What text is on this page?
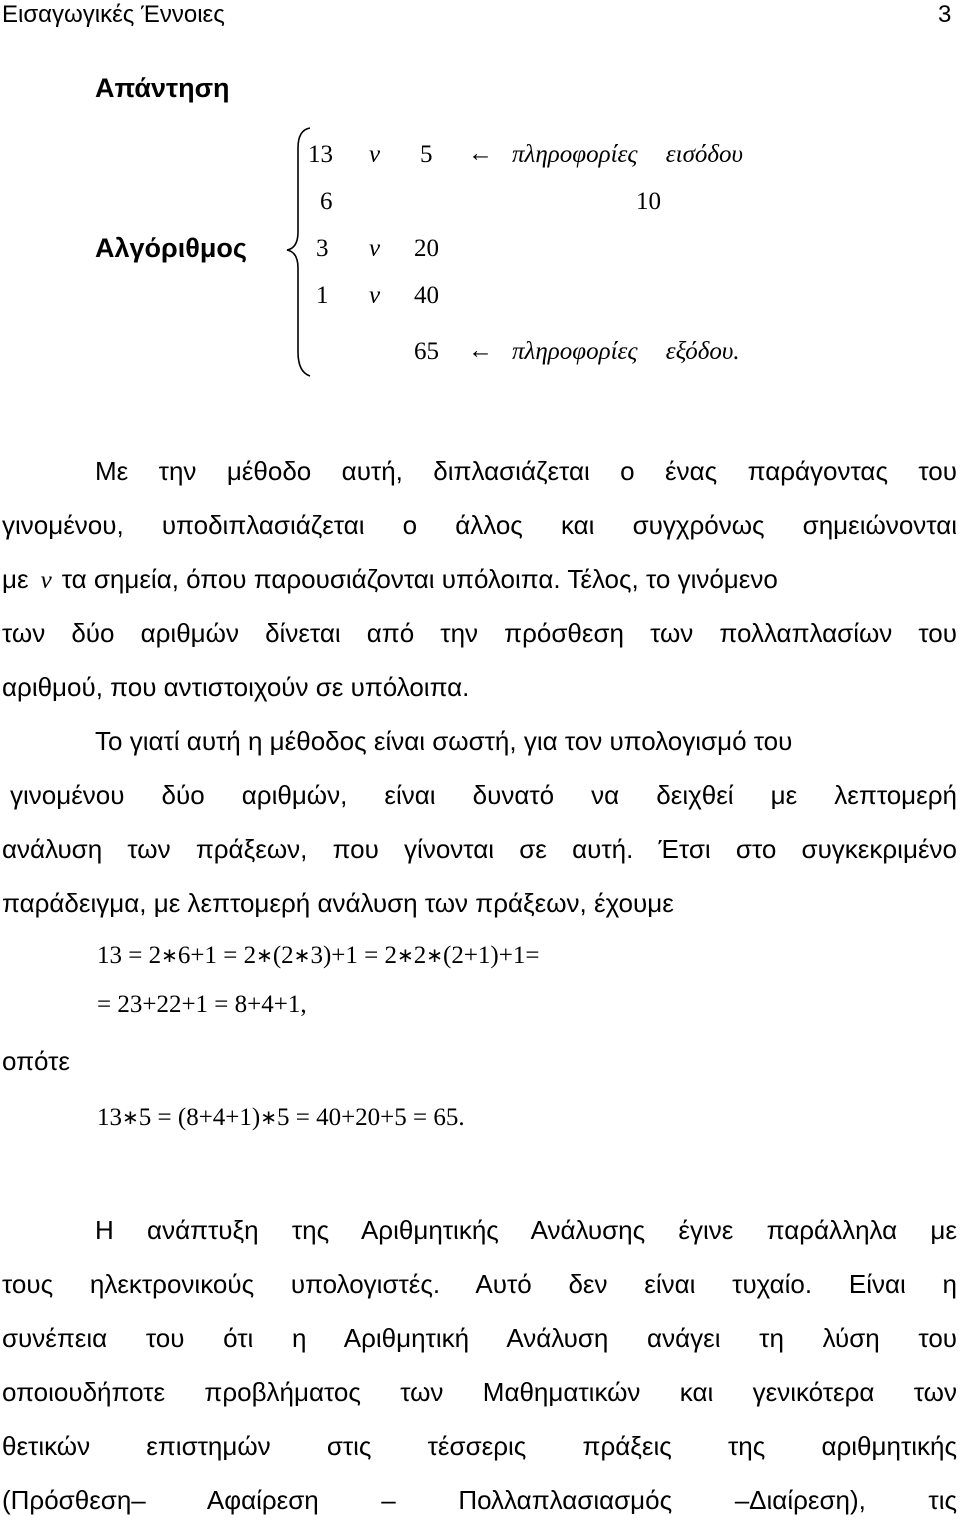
Εισαγωγικές Έννοιες	3
Απάντηση
Αλγόριθμος
13 ν 5 ← πληροφορίες εισόδου
6	10
3 ν 20
1 ν 40
65 ← πληροφορίες εξόδου.
Με την μέθοδο αυτή, διπλασιάζεται ο ένας παράγοντας του
γινομένου, υποδιπλασιάζεται ο άλλος και συγχρόνως σημειώνονται
με ν τα σημεία, όπου παρουσιάζονται υπόλοιπα. Τέλος, το γινόμενο
των δύο αριθμών δίνεται από την πρόσθεση των πολλαπλασίων του
αριθμού, που αντιστοιχούν σε υπόλοιπα.
Το γιατί αυτή η μέθοδος είναι σωστή, για τον υπολογισμό του
γινομένου δύο αριθμών, είναι δυνατό να δειχθεί με λεπτομερή
ανάλυση των πράξεων, που γίνονται σε αυτή. Έτσι στο συγκεκριμένο
παράδειγμα, με λεπτομερή ανάλυση των πράξεων, έχουμε
13 = 2∗6+1 = 2∗(2∗3)+1 = 2∗2∗(2+1)+1=
= 23+22+1 = 8+4+1,
οπότε
13∗5 = (8+4+1)∗5 = 40+20+5 = 65.
Η ανάπτυξη της Αριθμητικής Ανάλυσης έγινε παράλληλα με
τους ηλεκτρονικούς υπολογιστές. Αυτό δεν είναι τυχαίο. Είναι η
συνέπεια του ότι η Αριθμητική Ανάλυση ανάγει τη λύση του
οποιουδήποτε προβλήματος των Μαθηματικών και γενικότερα των
θετικών επιστημών στις τέσσερις πράξεις της αριθμητικής
(Πρόσθεση– Αφαίρεση – Πολλαπλασιασμός –Διαίρεση), τις
